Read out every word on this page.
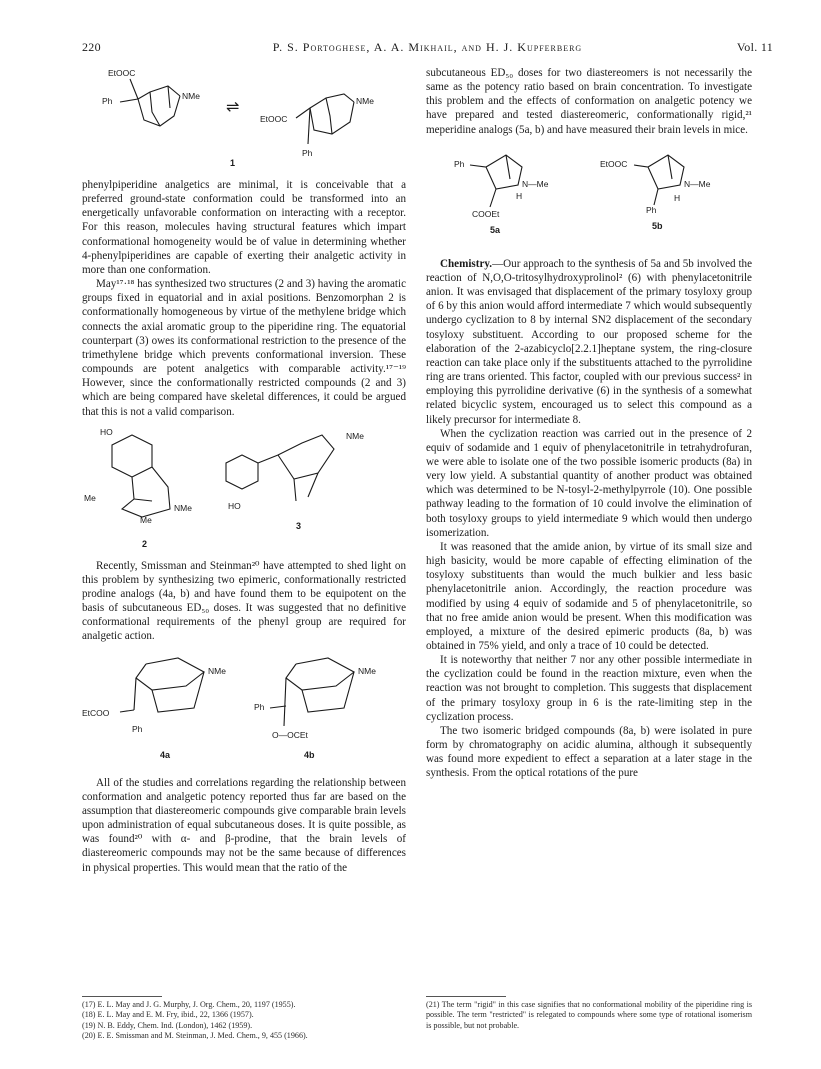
220	P. S. Portoghese, A. A. Mikhail, and H. J. Kupferberg	Vol. 11
EtOOC
Ph	NMe
⇌
EtOOC
NMe
Ph
1

phenylpiperidine analgetics are minimal, it is conceivable that a preferred ground-state conformation could be transformed into an energetically unfavorable conformation on interacting with a receptor. For this reason, molecules having structural features which impart conformational homogeneity would be of value in determining whether 4-phenylpiperidines are capable of exerting their analgetic activity in more than one conformation.

May¹⁷·¹⁸ has synthesized two structures (2 and 3) having the aromatic groups fixed in equatorial and in axial positions. Benzomorphan 2 is conformationally homogeneous by virtue of the methylene bridge which connects the axial aromatic group to the piperidine ring. The equatorial counterpart (3) owes its conformational restriction to the presence of the trimethylene bridge which prevents conformational inversion. These compounds are potent analgetics with comparable activity.¹⁷⁻¹⁹ However, since the conformationally restricted compounds (2 and 3) which are being compared have skeletal differences, it could be argued that this is not a valid comparison.

HO
Me
Me
NMe
2
HO
NMe
3

Recently, Smissman and Steinman²⁰ have attempted to shed light on this problem by synthesizing two epimeric, conformationally restricted prodine analogs (4a, b) and have found them to be equipotent on the basis of subcutaneous ED₅₀ doses. It was suggested that no definitive conformational requirements of the phenyl group are required for analgetic action.

NMe
EtCOO
Ph
4a
NMe
Ph
O—OCEt
4b

All of the studies and correlations regarding the relationship between conformation and analgetic potency reported thus far are based on the assumption that diastereomeric compounds give comparable brain levels upon administration of equal subcutaneous doses. It is quite possible, as was found²⁰ with α- and β-prodine, that the brain levels of diastereomeric compounds may not be the same because of differences in physical properties. This would mean that the ratio of the

subcutaneous ED₅₀ doses for two diastereomers is not necessarily the same as the potency ratio based on brain concentration. To investigate this problem and the effects of conformation on analgetic potency we have prepared and tested diastereomeric, conformationally rigid,²¹ meperidine analogs (5a, b) and have measured their brain levels in mice.

Ph
N—Me
H
COOEt
5a
EtOOC
N—Me
H
Ph
5b

Chemistry.—Our approach to the synthesis of 5a and 5b involved the reaction of N,O,O-tritosylhydroxyprolinol² (6) with phenylacetonitrile anion. It was envisaged that displacement of the primary tosyloxy group of 6 by this anion would afford intermediate 7 which would subsequently undergo cyclization to 8 by internal SN2 displacement of the secondary tosyloxy substituent. According to our proposed scheme for the elaboration of the 2-azabicyclo[2.2.1]heptane system, the ring-closure reaction can take place only if the substituents attached to the pyrrolidine ring are trans oriented. This factor, coupled with our previous success² in employing this pyrrolidine derivative (6) in the synthesis of a somewhat related bicyclic system, encouraged us to select this compound as a likely precursor for intermediate 8.

When the cyclization reaction was carried out in the presence of 2 equiv of sodamide and 1 equiv of phenylacetonitrile in tetrahydrofuran, we were able to isolate one of the two possible isomeric products (8a) in very low yield. A substantial quantity of another product was obtained which was determined to be N-tosyl-2-methylpyrrole (10). One possible pathway leading to the formation of 10 could involve the elimination of both tosyloxy groups to yield intermediate 9 which would then undergo isomerization.

It was reasoned that the amide anion, by virtue of its small size and high basicity, would be more capable of effecting elimination of the tosyloxy substituents than would the much bulkier and less basic phenylacetonitrile anion. Accordingly, the reaction procedure was modified by using 4 equiv of sodamide and 5 of phenylacetonitrile, so that no free amide anion would be present. When this modification was employed, a mixture of the desired epimeric products (8a, b) was obtained in 75% yield, and only a trace of 10 could be detected.

It is noteworthy that neither 7 nor any other possible intermediate in the cyclization could be found in the reaction mixture, even when the reaction was not brought to completion. This suggests that displacement of the primary tosyloxy group in 6 is the rate-limiting step in the cyclization process.

The two isomeric bridged compounds (8a, b) were isolated in pure form by chromatography on acidic alumina, although it subsequently was found more expedient to effect a separation at a later stage in the synthesis. From the optical rotations of the pure

(17) E. L. May and J. G. Murphy, J. Org. Chem., 20, 1197 (1955).
(18) E. L. May and E. M. Fry, ibid., 22, 1366 (1957).
(19) N. B. Eddy, Chem. Ind. (London), 1462 (1959).
(20) E. E. Smissman and M. Steinman, J. Med. Chem., 9, 455 (1966).
(21) The term "rigid" in this case signifies that no conformational mobility of the piperidine ring is possible. The term "restricted" is relegated to compounds where some type of rotational isomerism is possible, but not probable.
